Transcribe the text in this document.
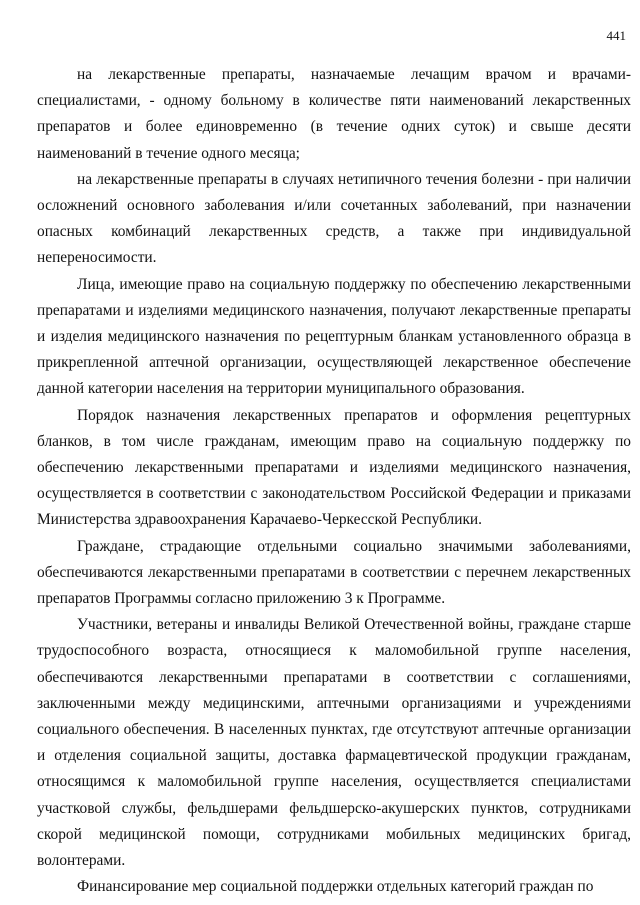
441

на лекарственные препараты, назначаемые лечащим врачом и врачами-специалистами, - одному больному в количестве пяти наименований лекарственных препаратов и более единовременно (в течение одних суток) и свыше десяти наименований в течение одного месяца;

на лекарственные препараты в случаях нетипичного течения болезни - при наличии осложнений основного заболевания и/или сочетанных заболеваний, при назначении опасных комбинаций лекарственных средств, а также при индивидуальной непереносимости.

Лица, имеющие право на социальную поддержку по обеспечению лекарственными препаратами и изделиями медицинского назначения, получают лекарственные препараты и изделия медицинского назначения по рецептурным бланкам установленного образца в прикрепленной аптечной организации, осуществляющей лекарственное обеспечение данной категории населения на территории муниципального образования.

Порядок назначения лекарственных препаратов и оформления рецептурных бланков, в том числе гражданам, имеющим право на социальную поддержку по обеспечению лекарственными препаратами и изделиями медицинского назначения, осуществляется в соответствии с законодательством Российской Федерации и приказами Министерства здравоохранения Карачаево-Черкесской Республики.

Граждане, страдающие отдельными социально значимыми заболеваниями, обеспечиваются лекарственными препаратами в соответствии с перечнем лекарственных препаратов Программы согласно приложению 3 к Программе.

Участники, ветераны и инвалиды Великой Отечественной войны, граждане старше трудоспособного возраста, относящиеся к маломобильной группе населения, обеспечиваются лекарственными препаратами в соответствии с соглашениями, заключенными между медицинскими, аптечными организациями и учреждениями социального обеспечения. В населенных пунктах, где отсутствуют аптечные организации и отделения социальной защиты, доставка фармацевтической продукции гражданам, относящимся к маломобильной группе населения, осуществляется специалистами участковой службы, фельдшерами фельдшерско-акушерских пунктов, сотрудниками скорой медицинской помощи, сотрудниками мобильных медицинских бригад, волонтерами.

Финансирование мер социальной поддержки отдельных категорий граждан по
